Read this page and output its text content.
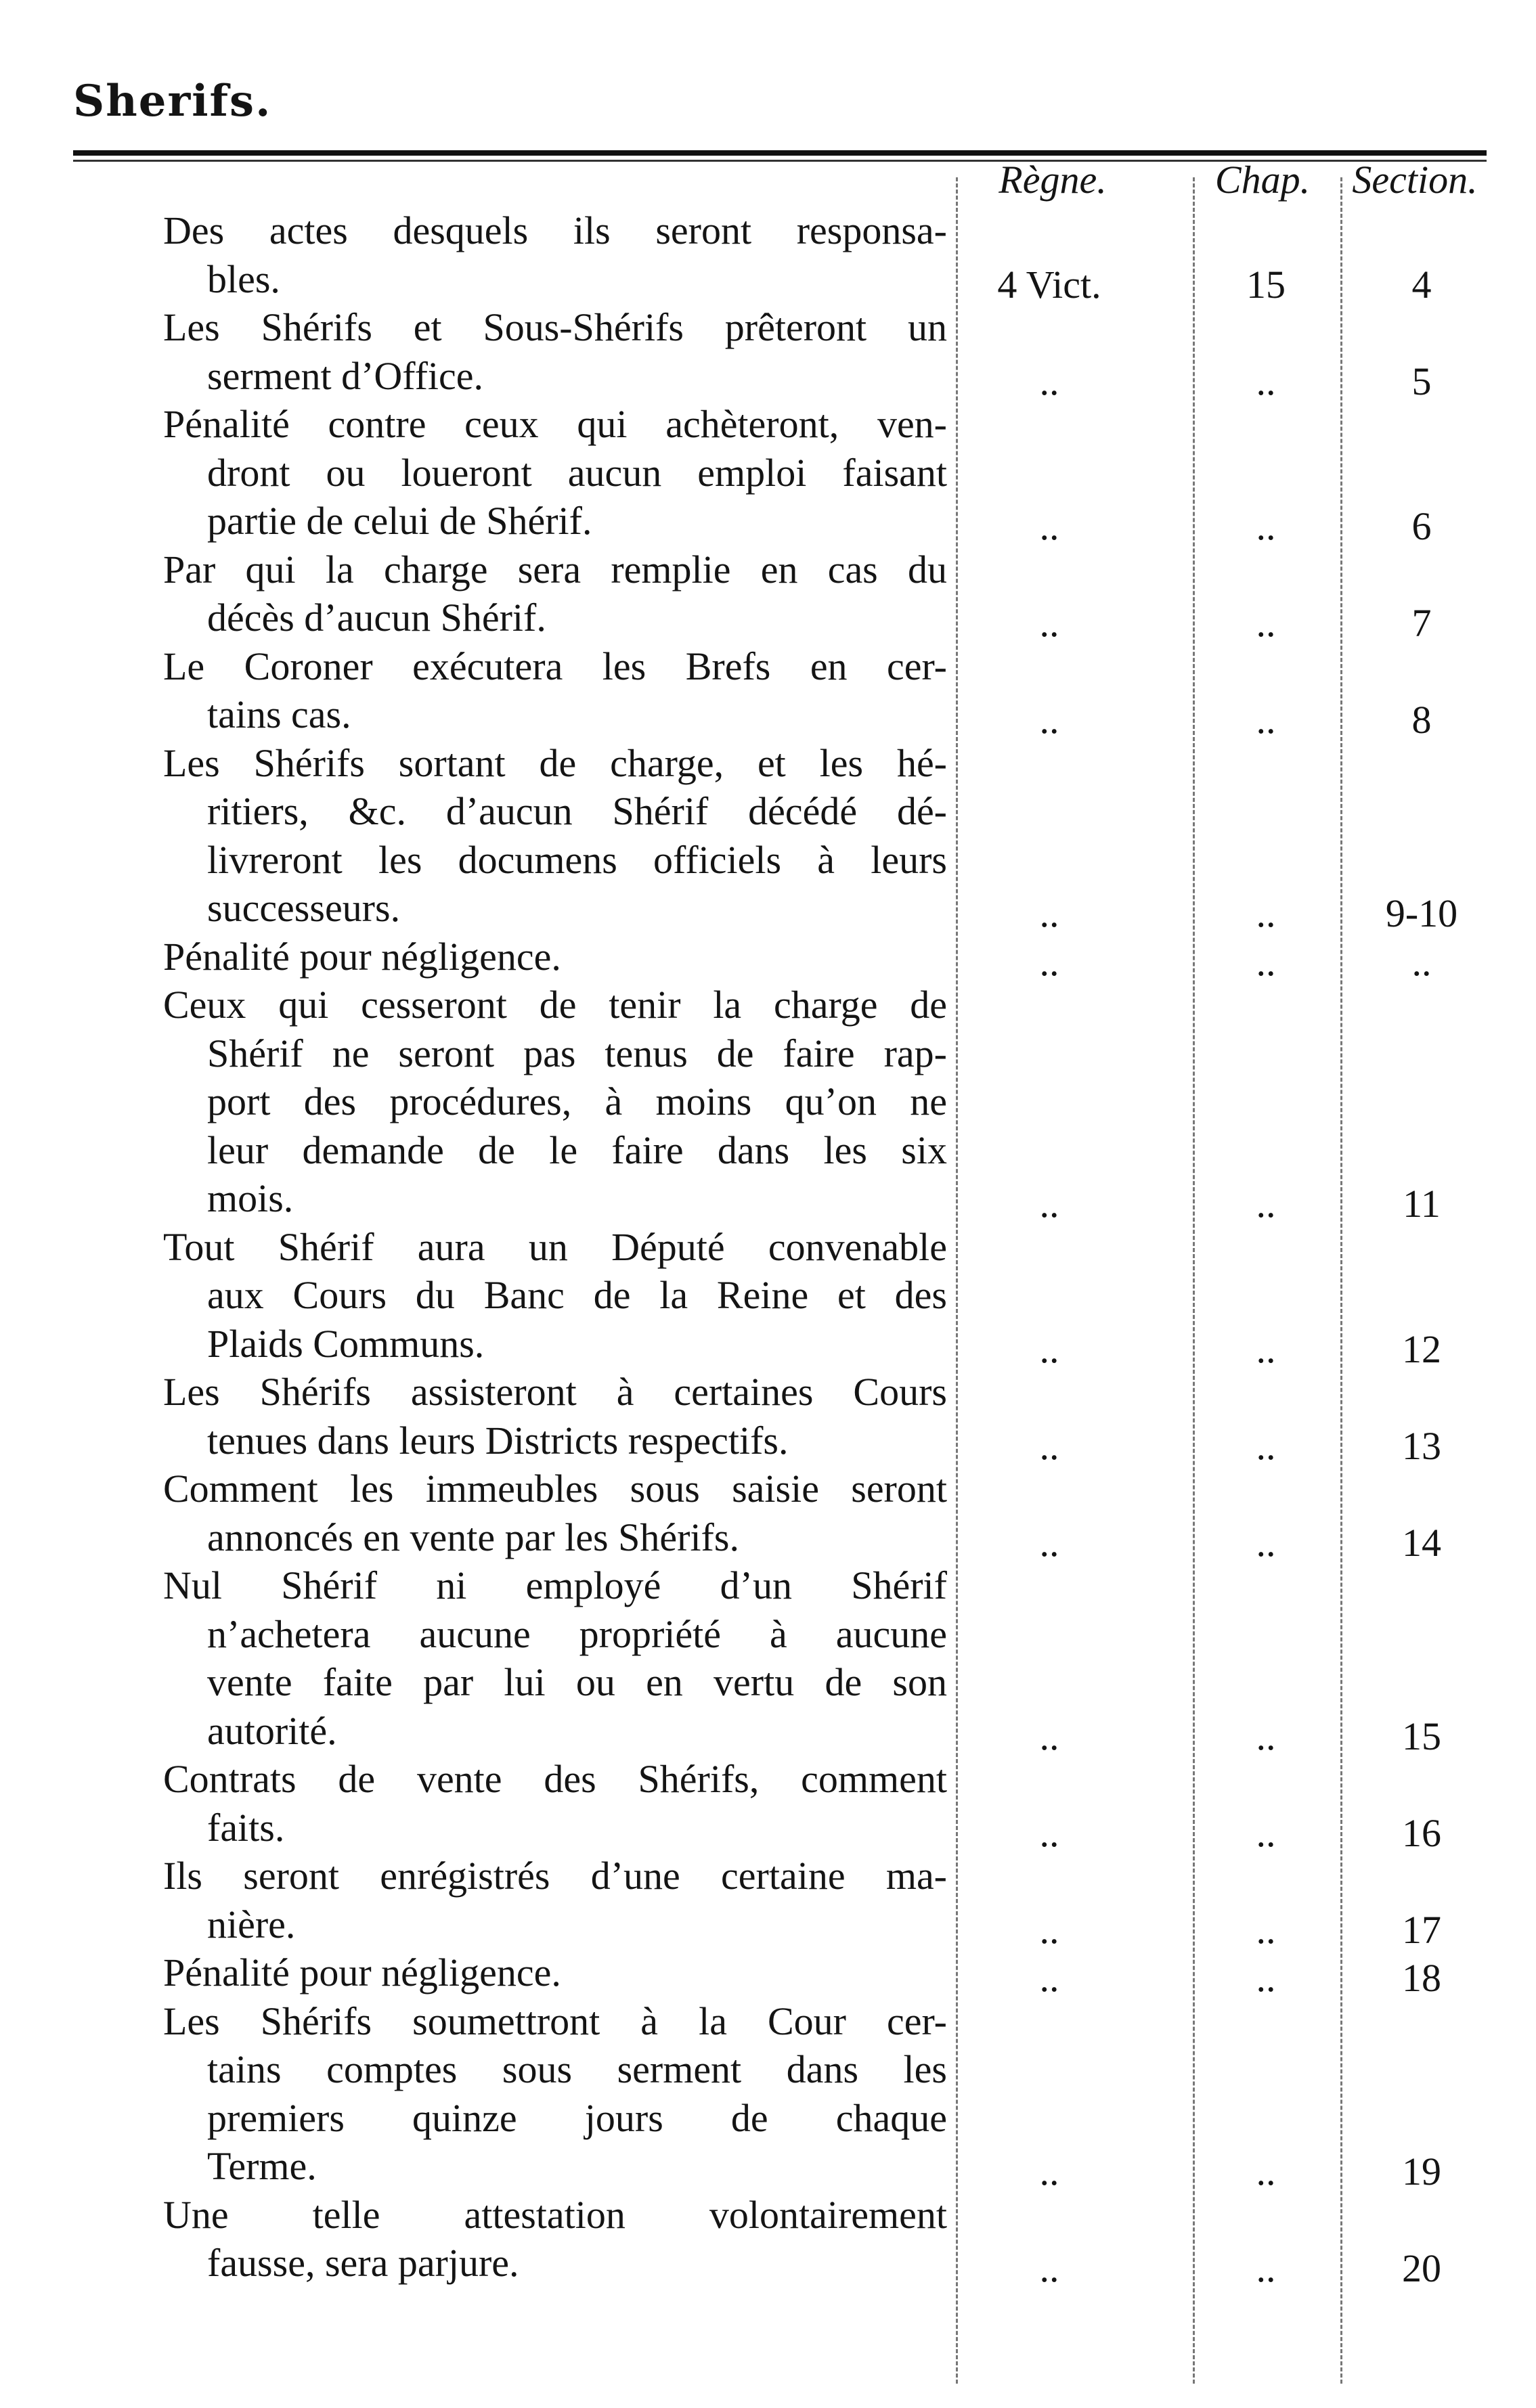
Sherifs.
Règne.	Chap.	Section.
Des actes desquels ils seront responsa-
bles.	4 Vict.	15	4
Les Shérifs et Sous-Shérifs prêteront un
serment d’Office.	..	..	5
Pénalité contre ceux qui achèteront, ven-
dront ou loueront aucun emploi faisant
partie de celui de Shérif.	..	..	6
Par qui la charge sera remplie en cas du
décès d’aucun Shérif.	..	..	7
Le Coroner exécutera les Brefs en cer-
tains cas.	..	..	8
Les Shérifs sortant de charge, et les hé-
ritiers, &c. d’aucun Shérif décédé dé-
livreront les documens officiels à leurs
successeurs.	..	..	9-10
Pénalité pour négligence.	..	..	..
Ceux qui cesseront de tenir la charge de
Shérif ne seront pas tenus de faire rap-
port des procédures, à moins qu’on ne
leur demande de le faire dans les six
mois.	..	..	11
Tout Shérif aura un Député convenable
aux Cours du Banc de la Reine et des
Plaids Communs.	..	..	12
Les Shérifs assisteront à certaines Cours
tenues dans leurs Districts respectifs.	..	..	13
Comment les immeubles sous saisie seront
annoncés en vente par les Shérifs.	..	..	14
Nul Shérif ni employé d’un Shérif
n’achetera aucune propriété à aucune
vente faite par lui ou en vertu de son
autorité.	..	..	15
Contrats de vente des Shérifs, comment
faits.	..	..	16
Ils seront enrégistrés d’une certaine ma-
nière.	..	..	17
Pénalité pour négligence.	..	..	18
Les Shérifs soumettront à la Cour cer-
tains comptes sous serment dans les
premiers quinze jours de chaque
Terme.	..	..	19
Une telle attestation volontairement
fausse, sera parjure.	..	..	20
